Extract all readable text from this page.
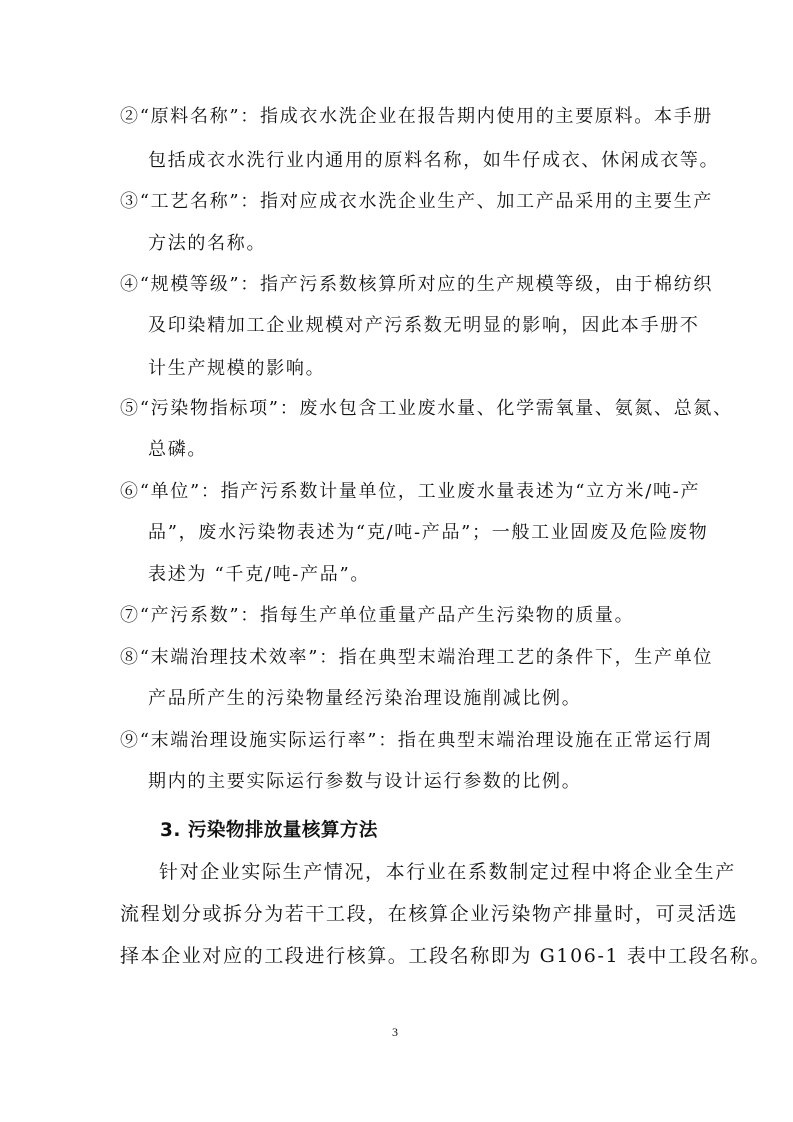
②“原料名称”：指成衣水洗企业在报告期内使用的主要原料。本手册
包括成衣水洗行业内通用的原料名称，如牛仔成衣、休闲成衣等。
③“工艺名称”：指对应成衣水洗企业生产、加工产品采用的主要生产
方法的名称。
④“规模等级”：指产污系数核算所对应的生产规模等级，由于棉纺织
及印染精加工企业规模对产污系数无明显的影响，因此本手册不
计生产规模的影响。
⑤“污染物指标项”：废水包含工业废水量、化学需氧量、氨氮、总氮、
总磷。
⑥“单位”：指产污系数计量单位，工业废水量表述为“立方米/吨-产
品”，废水污染物表述为“克/吨-产品”；一般工业固废及危险废物
表述为 “千克/吨-产品”。
⑦“产污系数”：指每生产单位重量产品产生污染物的质量。
⑧“末端治理技术效率”：指在典型末端治理工艺的条件下，生产单位
产品所产生的污染物量经污染治理设施削减比例。
⑨“末端治理设施实际运行率”：指在典型末端治理设施在正常运行周
期内的主要实际运行参数与设计运行参数的比例。
3. 污染物排放量核算方法
针对企业实际生产情况，本行业在系数制定过程中将企业全生产
流程划分或拆分为若干工段，在核算企业污染物产排量时，可灵活选
择本企业对应的工段进行核算。工段名称即为 G106-1 表中工段名称。
3
